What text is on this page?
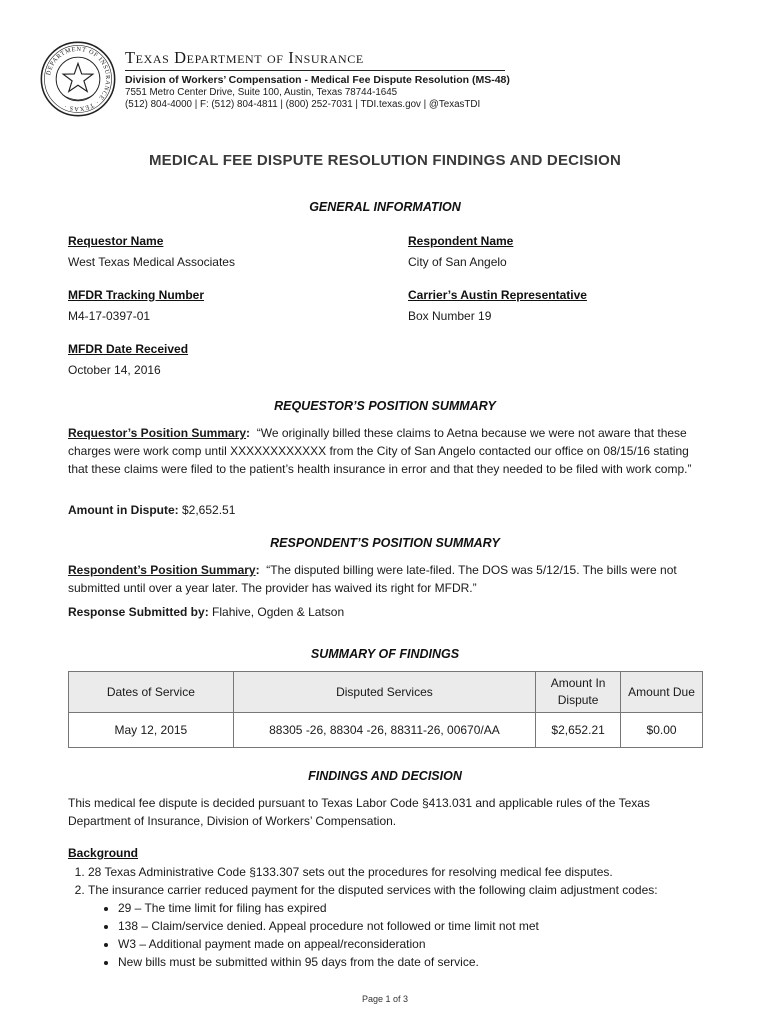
DEPARTMENT OF INSURANCE · TEXAS ·
Texas Department of Insurance
Division of Workers’ Compensation - Medical Fee Dispute Resolution (MS-48)
7551 Metro Center Drive, Suite 100, Austin, Texas 78744-1645
(512) 804-4000 | F: (512) 804-4811 | (800) 252-7031 | TDI.texas.gov | @TexasTDI
MEDICAL FEE DISPUTE RESOLUTION FINDINGS AND DECISION
GENERAL INFORMATION
Requestor Name
West Texas Medical Associates
Respondent Name
City of San Angelo
MFDR Tracking Number
M4-17-0397-01
Carrier’s Austin Representative
Box Number 19
MFDR Date Received
October 14, 2016
REQUESTOR’S POSITION SUMMARY
Requestor’s Position Summary: “We originally billed these claims to Aetna because we were not aware that these charges were work comp until XXXXXXXXXXXX from the City of San Angelo contacted our office on 08/15/16 stating that these claims were filed to the patient’s health insurance in error and that they needed to be filed with work comp.”
Amount in Dispute: $2,652.51
RESPONDENT’S POSITION SUMMARY
Respondent’s Position Summary: “The disputed billing were late-filed. The DOS was 5/12/15. The bills were not submitted until over a year later. The provider has waived its right for MFDR.”
Response Submitted by: Flahive, Ogden & Latson
SUMMARY OF FINDINGS
Dates of Service	Disputed Services	Amount In Dispute	Amount Due
May 12, 2015	88305 -26, 88304 -26, 88311-26, 00670/AA	$2,652.21	$0.00
FINDINGS AND DECISION
This medical fee dispute is decided pursuant to Texas Labor Code §413.031 and applicable rules of the Texas Department of Insurance, Division of Workers’ Compensation.
Background
1. 28 Texas Administrative Code §133.307 sets out the procedures for resolving medical fee disputes.
2. The insurance carrier reduced payment for the disputed services with the following claim adjustment codes:
• 29 – The time limit for filing has expired
• 138 – Claim/service denied. Appeal procedure not followed or time limit not met
• W3 – Additional payment made on appeal/reconsideration
• New bills must be submitted within 95 days from the date of service.
Page 1 of 3
